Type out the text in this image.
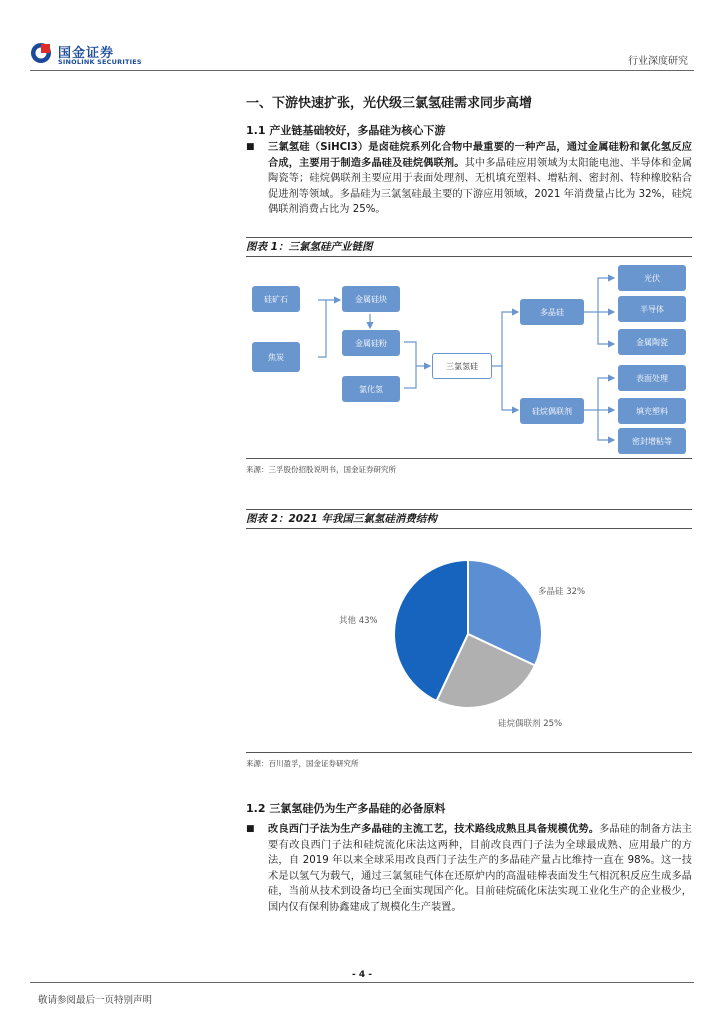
国金证券
SINOLINK SECURITIES	行业深度研究
一、下游快速扩张，光伏级三氯氢硅需求同步高增
1.1 产业链基础较好，多晶硅为核心下游
■ 三氯氢硅（SiHCl3）是卤硅烷系列化合物中最重要的一种产品，通过金属硅粉和氯化氢反应合成，主要用于制造多晶硅及硅烷偶联剂。其中多晶硅应用领域为太阳能电池、半导体和金属陶瓷等；硅烷偶联剂主要应用于表面处理剂、无机填充塑料、增粘剂、密封剂、特种橡胶粘合促进剂等领域。多晶硅为三氯氢硅最主要的下游应用领域，2021 年消费量占比为 32%，硅烷偶联剂消费占比为 25%。
图表 1：三氯氢硅产业链图
硅矿石
焦炭
金属硅块
金属硅粉
氯化氢
三氯氢硅
多晶硅
硅烷偶联剂
光伏
半导体
金属陶瓷
表面处理
填充塑料
密封增粘等
来源：三孚股份招股说明书，国金证券研究所
图表 2：2021 年我国三氯氢硅消费结构
多晶硅 32%
硅烷偶联剂 25%
其他 43%
来源：百川盈孚，国金证券研究所
1.2 三氯氢硅仍为生产多晶硅的必备原料
■ 改良西门子法为生产多晶硅的主流工艺，技术路线成熟且具备规模优势。多晶硅的制备方法主要有改良西门子法和硅烷流化床法这两种，目前改良西门子法为全球最成熟、应用最广的方法，自 2019 年以来全球采用改良西门子法生产的多晶硅产量占比维持一直在 98%。这一技术是以氢气为载气，通过三氯氢硅气体在还原炉内的高温硅棒表面发生气相沉积反应生成多晶硅，当前从技术到设备均已全面实现国产化。目前硅烷硫化床法实现工业化生产的企业极少，国内仅有保利协鑫建成了规模化生产装置。
- 4 -
敬请参阅最后一页特别声明
